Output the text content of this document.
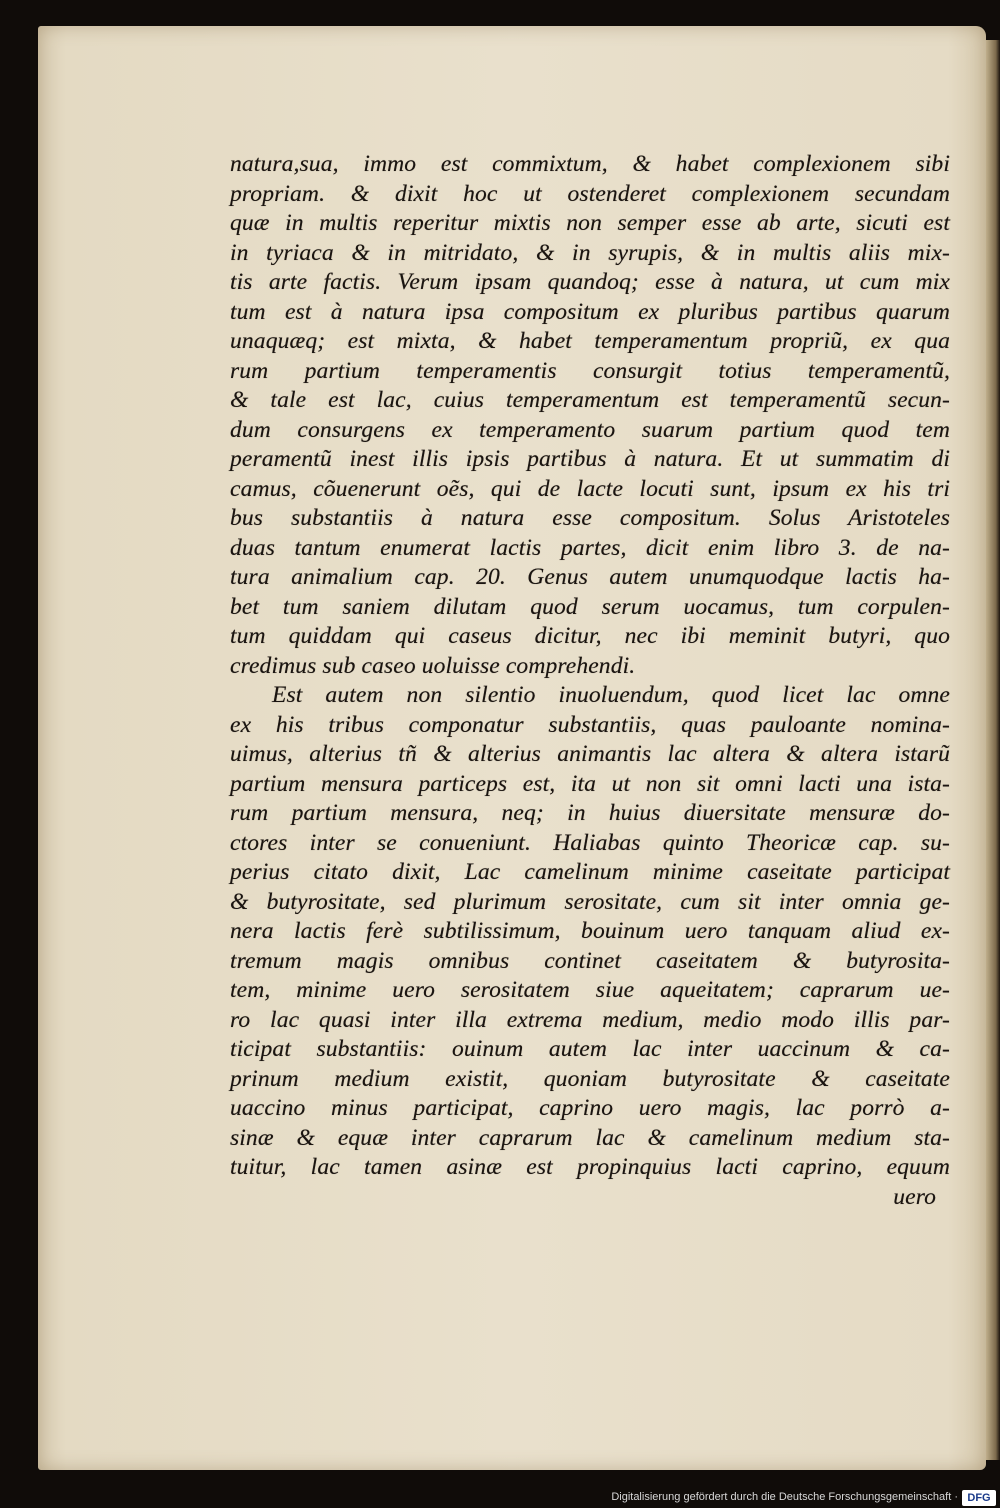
natura,sua, immo est commixtum, & habet complexionem sibi
propriam. & dixit hoc ut ostenderet complexionem secundam
quæ in multis reperitur mixtis non semper esse ab arte, sicuti est
in tyriaca & in mitridato, & in syrupis, & in multis aliis mix-
tis arte factis. Verum ipsam quandoq; esse à natura, ut cum mix
tum est à natura ipsa compositum ex pluribus partibus quarum
unaquæq; est mixta, & habet temperamentum propriũ, ex qua
rum partium temperamentis consurgit totius temperamentũ,
& tale est lac, cuius temperamentum est temperamentũ secun-
dum consurgens ex temperamento suarum partium quod tem
peramentũ inest illis ipsis partibus à natura. Et ut summatim di
camus, cõuenerunt oẽs, qui de lacte locuti sunt, ipsum ex his tri
bus substantiis à natura esse compositum. Solus Aristoteles
duas tantum enumerat lactis partes, dicit enim libro 3. de na-
tura animalium cap. 20. Genus autem unumquodque lactis ha-
bet tum saniem dilutam quod serum uocamus, tum corpulen-
tum quiddam qui caseus dicitur, nec ibi meminit butyri, quo
credimus sub caseo uoluisse comprehendi.
Est autem non silentio inuoluendum, quod licet lac omne
ex his tribus componatur substantiis, quas pauloante nomina-
uimus, alterius tñ & alterius animantis lac altera & altera istarũ
partium mensura particeps est, ita ut non sit omni lacti una ista-
rum partium mensura, neq; in huius diuersitate mensuræ do-
ctores inter se conueniunt. Haliabas quinto Theoricæ cap. su-
perius citato dixit, Lac camelinum minime caseitate participat
& butyrositate, sed plurimum serositate, cum sit inter omnia ge-
nera lactis ferè subtilissimum, bouinum uero tanquam aliud ex-
tremum magis omnibus continet caseitatem & butyrosita-
tem, minime uero serositatem siue aqueitatem; caprarum ue-
ro lac quasi inter illa extrema medium, medio modo illis par-
ticipat substantiis: ouinum autem lac inter uaccinum & ca-
prinum medium existit, quoniam butyrositate & caseitate
uaccino minus participat, caprino uero magis, lac porrò a-
sinæ & equæ inter caprarum lac & camelinum medium sta-
tuitur, lac tamen asinæ est propinquius lacti caprino, equum
uero
Digitalisierung gefördert durch die Deutsche Forschungsgemeinschaft · DFG
